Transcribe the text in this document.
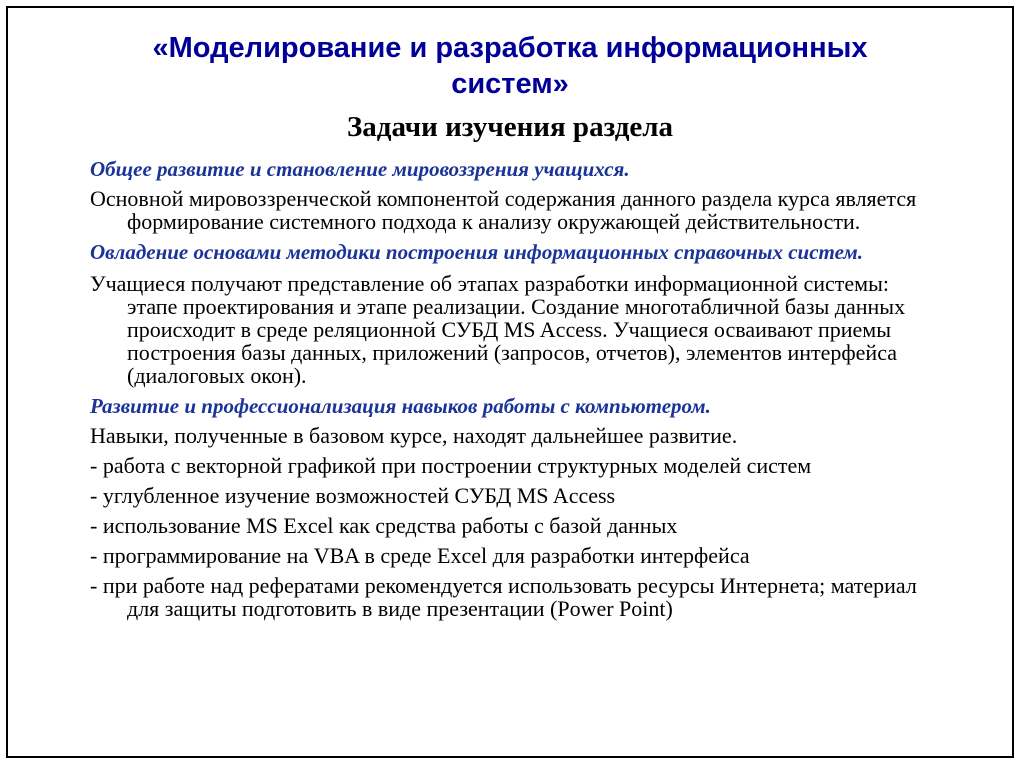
«Моделирование и разработка информационных систем»
Задачи изучения раздела

Общее развитие и становление мировоззрения учащихся.

Основной мировоззренческой компонентой содержания данного раздела курса является формирование системного подхода к анализу окружающей действительности.

Овладение основами методики построения информационных справочных систем.

Учащиеся получают представление об этапах разработки информационной системы: этапе проектирования и этапе реализации. Создание многотабличной базы данных происходит в среде реляционной СУБД MS Access. Учащиеся осваивают приемы построения базы данных, приложений (запросов, отчетов), элементов интерфейса (диалоговых окон).

Развитие и профессионализация навыков работы с компьютером.

Навыки, полученные в базовом курсе, находят дальнейшее развитие.

- работа с векторной графикой при построении структурных моделей систем

- углубленное изучение возможностей СУБД MS Access

- использование MS Excel как средства работы с базой данных

- программирование на VBA в среде Excel для разработки интерфейса

- при работе над рефератами рекомендуется использовать ресурсы Интернета; материал для защиты подготовить в виде презентации (Power Point)
